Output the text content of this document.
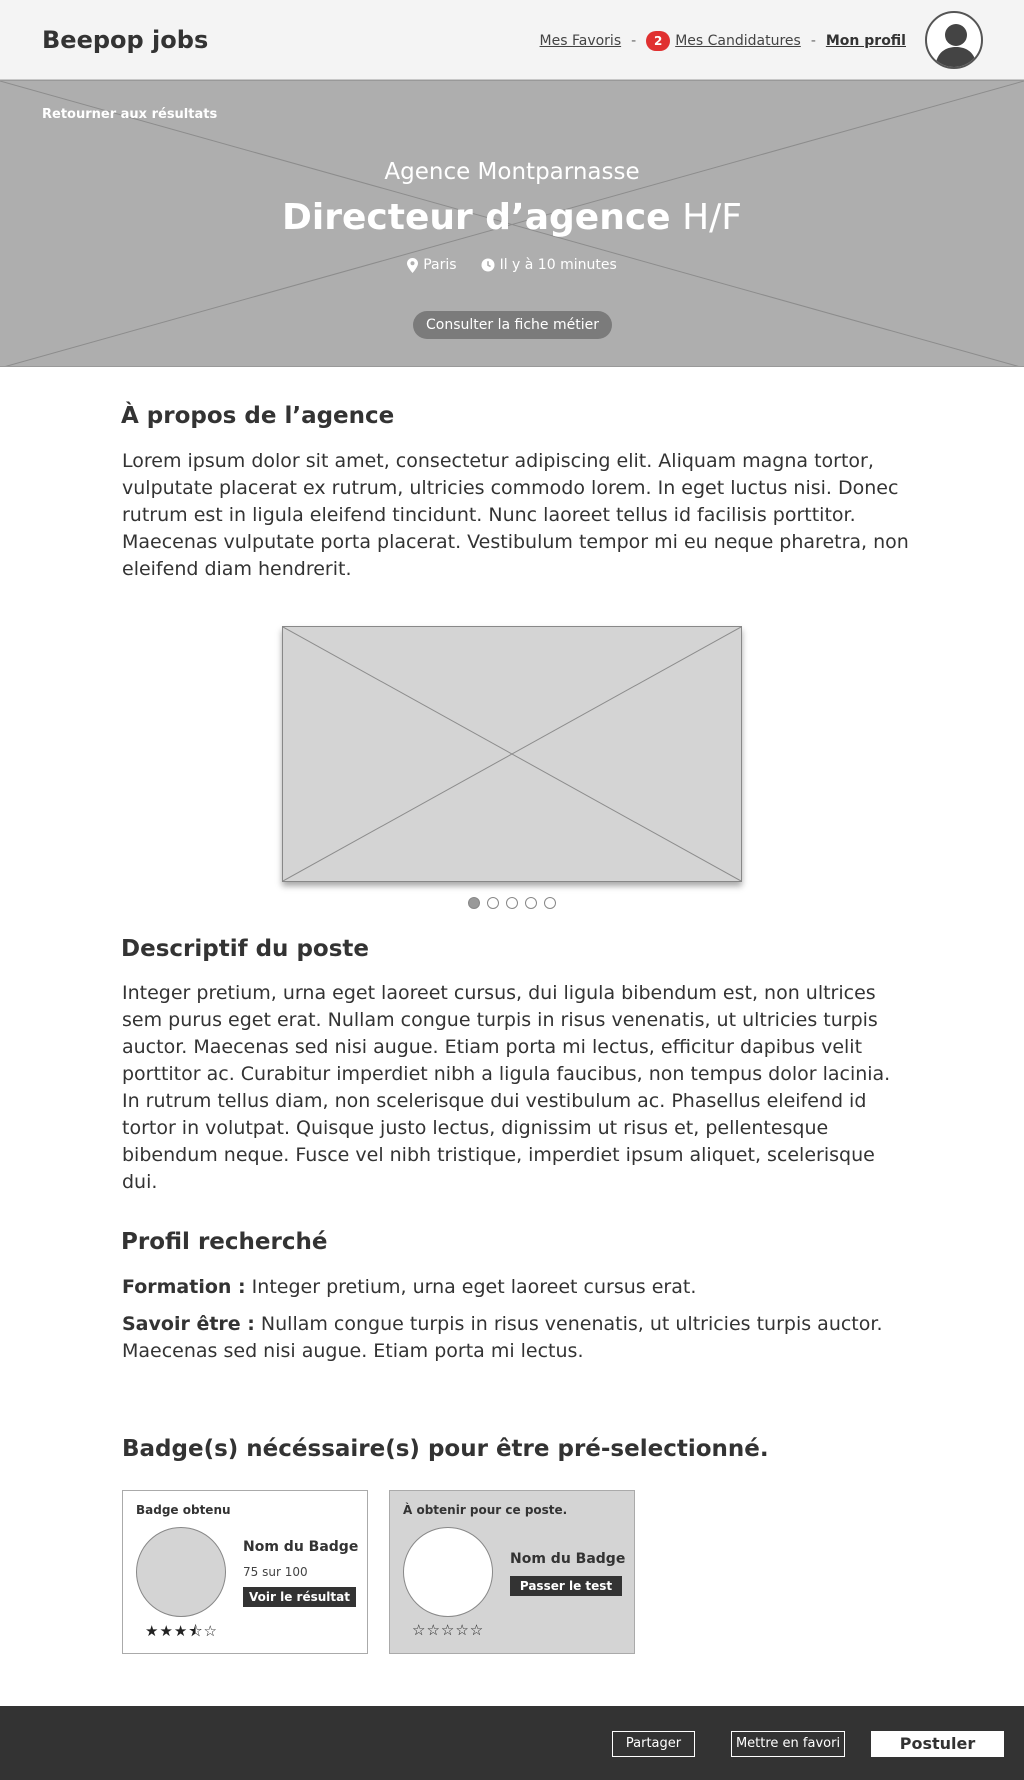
Beepop jobs	Mes Favoris -	2 Mes Candidatures - Mon profil
Retourner aux résultats
Agence Montparnasse
Directeur d’agence H/F
Paris	Il y à 10 minutes
Consulter la fiche métier
À propos de l’agence
Lorem ipsum dolor sit amet, consectetur adipiscing elit. Aliquam magna tortor, vulputate placerat ex rutrum, ultricies commodo lorem. In eget luctus nisi. Donec rutrum est in ligula eleifend tincidunt. Nunc laoreet tellus id facilisis porttitor. Maecenas vulputate porta placerat. Vestibulum tempor mi eu neque pharetra, non eleifend diam hendrerit.
Descriptif du poste
Integer pretium, urna eget laoreet cursus, dui ligula bibendum est, non ultrices sem purus eget erat. Nullam congue turpis in risus venenatis, ut ultricies turpis auctor. Maecenas sed nisi augue. Etiam porta mi lectus, efficitur dapibus velit porttitor ac. Curabitur imperdiet nibh a ligula faucibus, non tempus dolor lacinia. In rutrum tellus diam, non scelerisque dui vestibulum ac. Phasellus eleifend id tortor in volutpat. Quisque justo lectus, dignissim ut risus et, pellentesque bibendum neque. Fusce vel nibh tristique, imperdiet ipsum aliquet, scelerisque dui.
Profil recherché
Formation : Integer pretium, urna eget laoreet cursus erat.
Savoir être : Nullam congue turpis in risus venenatis, ut ultricies turpis auctor. Maecenas sed nisi augue. Etiam porta mi lectus.
Badge(s) nécéssaire(s) pour être pré-selectionné.
Badge obtenu
★★★⯪☆
Nom du Badge
75 sur 100
Voir le résultat
À obtenir pour ce poste.
☆☆☆☆☆
Nom du Badge
Passer le test
Partager	Mettre en favori	Postuler
